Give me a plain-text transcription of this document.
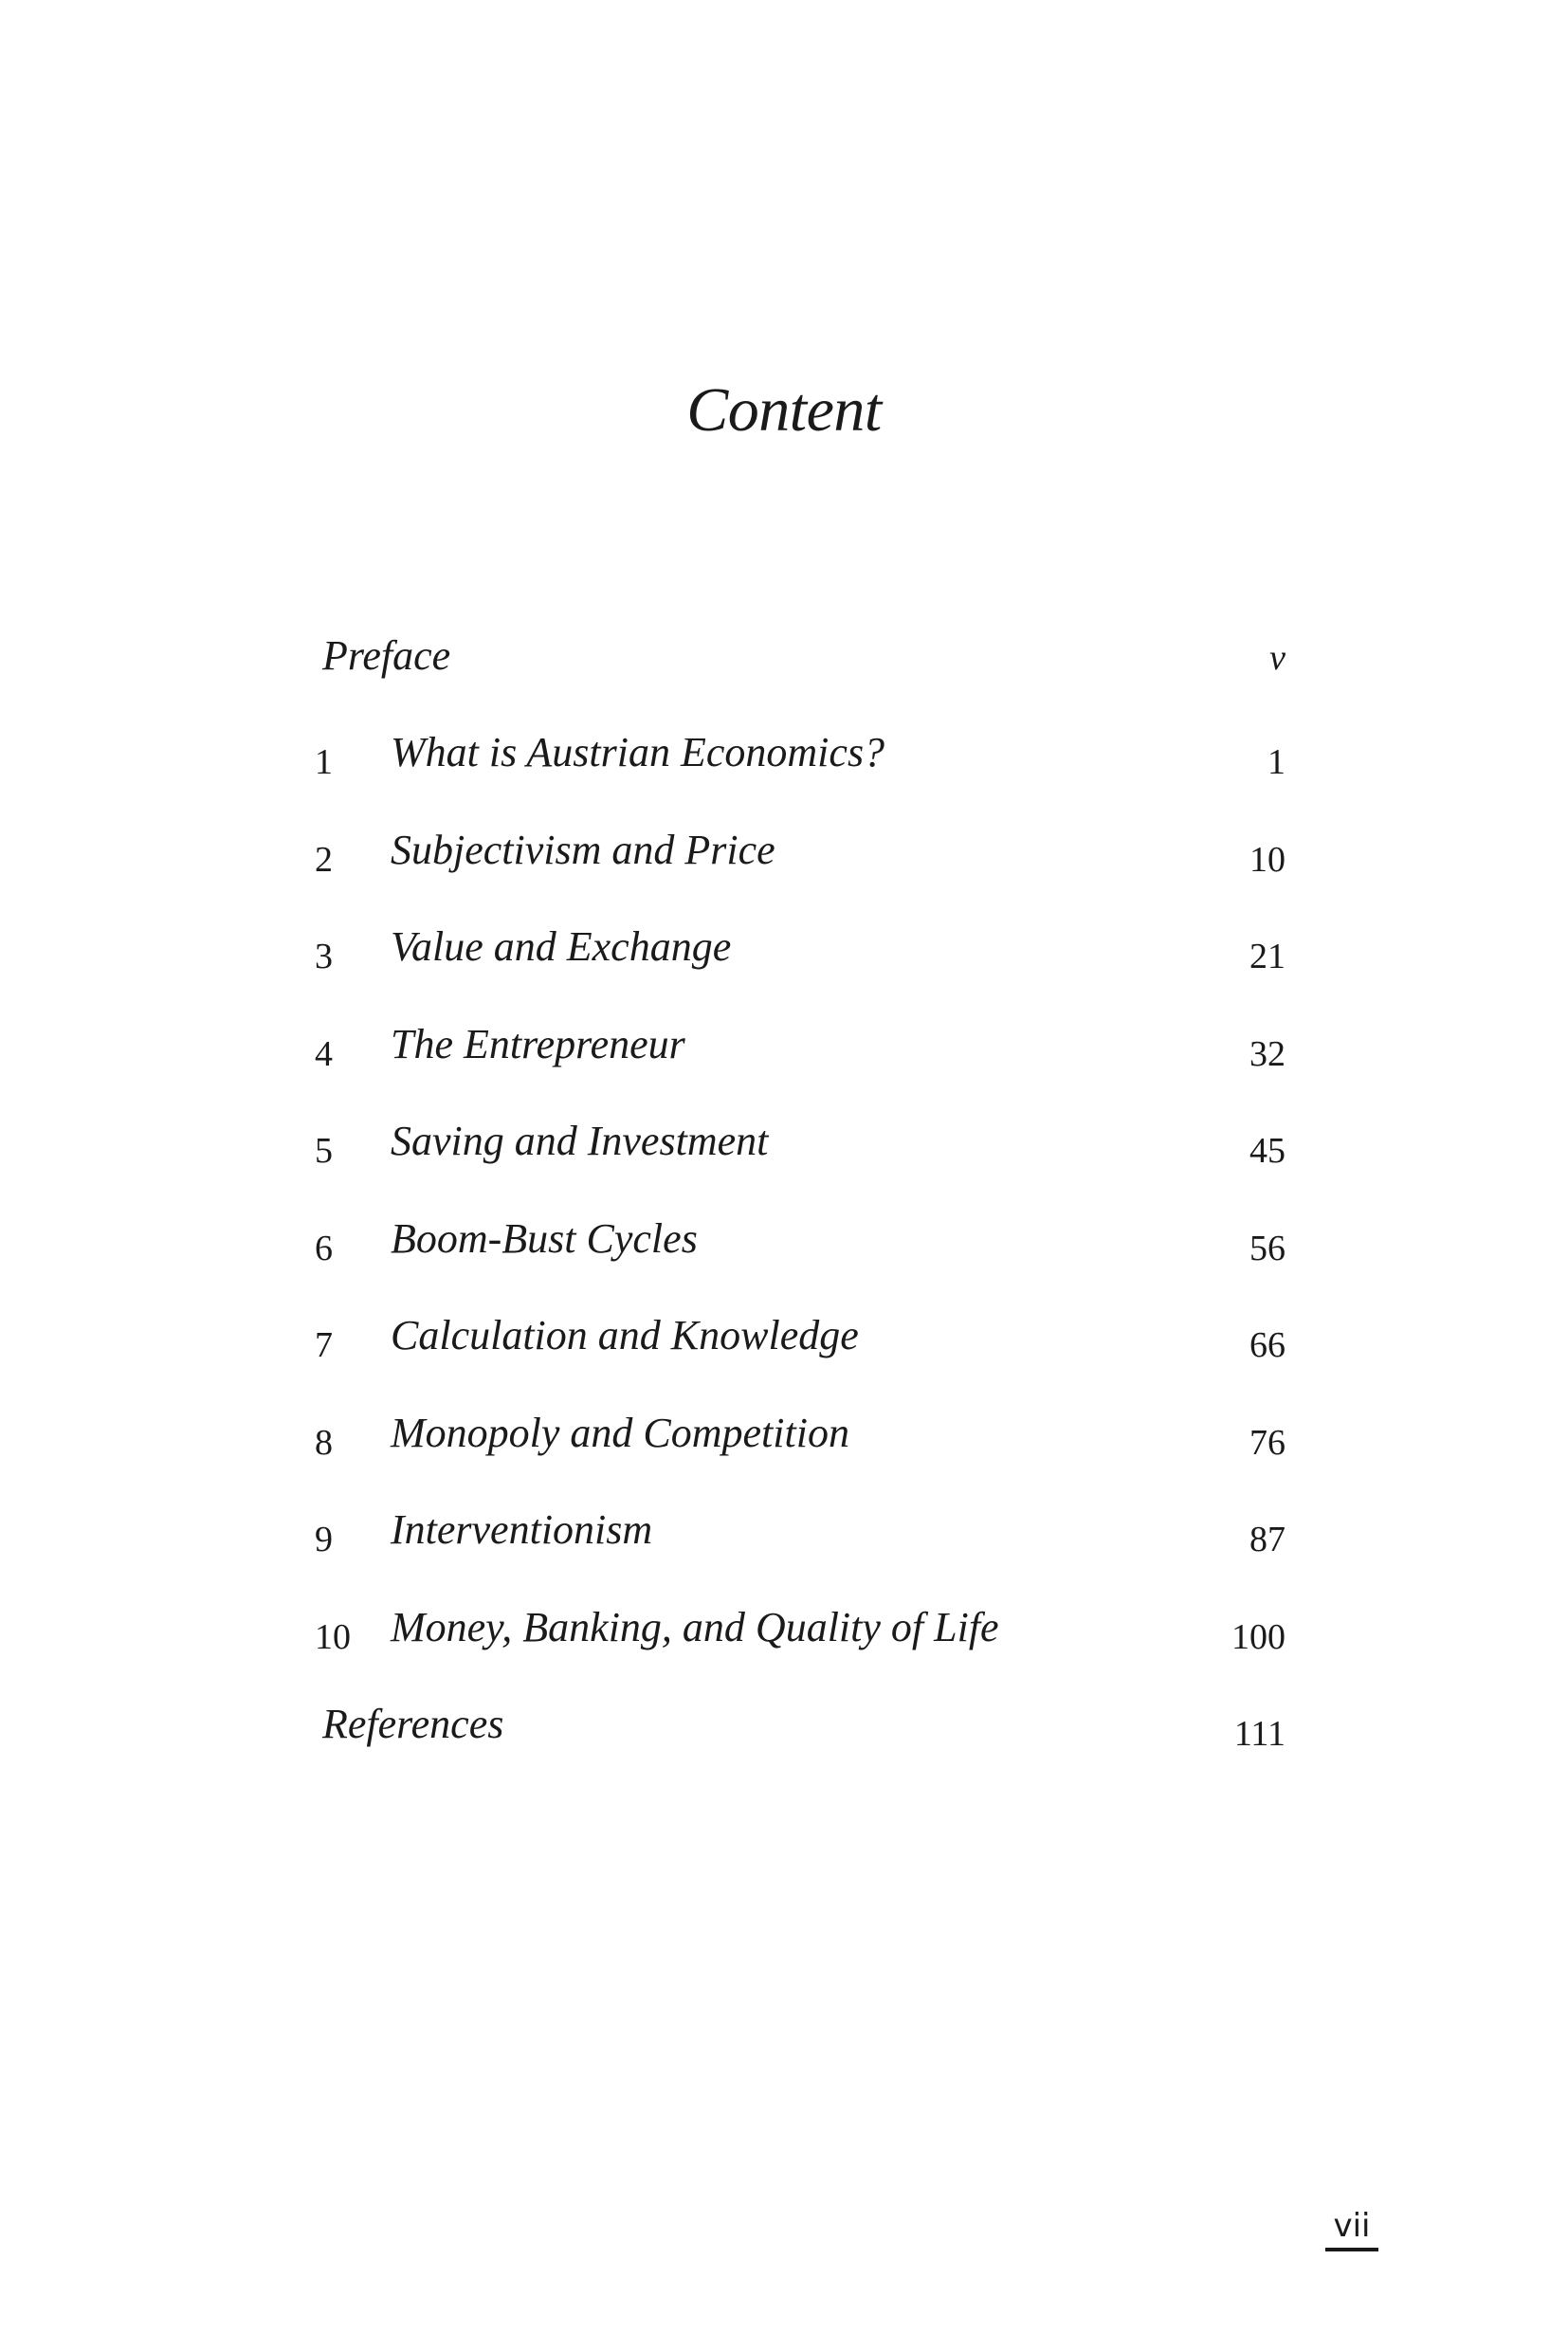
Content
Preface	v
1 What is Austrian Economics?	1
2 Subjectivism and Price	10
3 Value and Exchange	21
4 The Entrepreneur	32
5 Saving and Investment	45
6 Boom-Bust Cycles	56
7 Calculation and Knowledge	66
8 Monopoly and Competition	76
9 Interventionism	87
10 Money, Banking, and Quality of Life	100
References	111
vii
